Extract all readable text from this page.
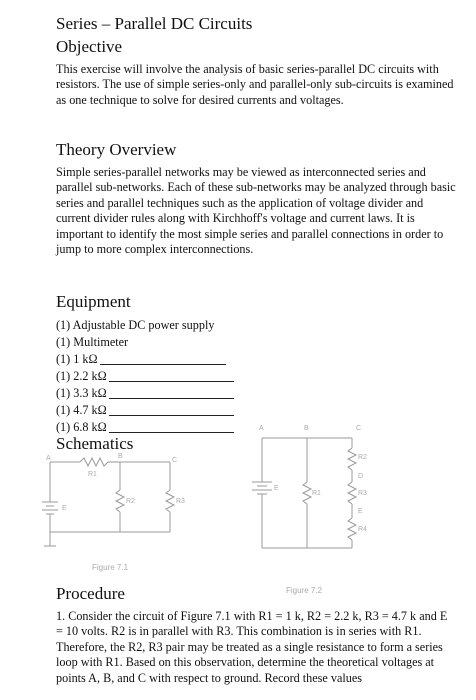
Series – Parallel DC Circuits
Objective
This exercise will involve the analysis of basic series-parallel DC circuits with resistors. The use of simple series-only and parallel-only sub-circuits is examined as one technique to solve for desired currents and voltages.
Theory Overview
Simple series-parallel networks may be viewed as interconnected series and parallel sub-networks. Each of these sub-networks may be analyzed through basic series and parallel techniques such as the application of voltage divider and current divider rules along with Kirchhoff's voltage and current laws. It is important to identify the most simple series and parallel connections in order to jump to more complex interconnections.
Equipment
(1) Adjustable DC power supply
(1) Multimeter
(1) 1 kΩ
(1) 2.2 kΩ
(1) 3.3 kΩ
(1) 4.7 kΩ
(1) 6.8 kΩ
Schematics
A	B
C
R1
E
R2	R3
Figure 7.1
A	B	C
R2
D
E
R1	R3
E
R4
Figure 7.2
Procedure
1. Consider the circuit of Figure 7.1 with R1 = 1 k, R2 = 2.2 k, R3 = 4.7 k and E = 10 volts. R2 is in parallel with R3. This combination is in series with R1. Therefore, the R2, R3 pair may be treated as a single resistance to form a series loop with R1. Based on this observation, determine the theoretical voltages at points A, B, and C with respect to ground. Record these values
